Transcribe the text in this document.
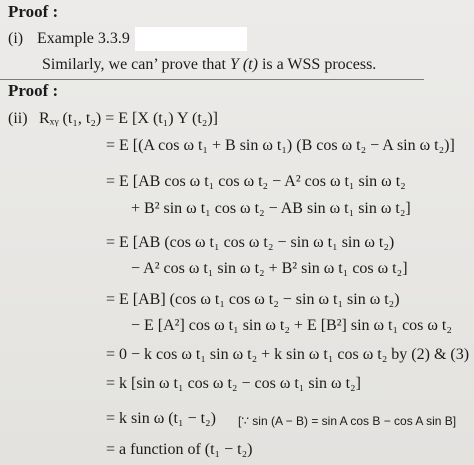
Proof :
(i) Example 3.3.9
Similarly, we can’ prove that Y (t) is a WSS process.
Proof :
(ii) Rₓᵧ (t₁, t₂) = E [X (t₁) Y (t₂)]
= E [(A cos ω t₁ + B sin ω t₁) (B cos ω t₂ − A sin ω t₂)]
= E [AB cos ω t₁ cos ω t₂ − A² cos ω t₁ sin ω t₂
+ B² sin ω t₁ cos ω t₂ − AB sin ω t₁ sin ω t₂]
= E [AB (cos ω t₁ cos ω t₂ − sin ω t₁ sin ω t₂)
− A² cos ω t₁ sin ω t₂ + B² sin ω t₁ cos ω t₂]
= E [AB] (cos ω t₁ cos ω t₂ − sin ω t₁ sin ω t₂)
− E [A²] cos ω t₁ sin ω t₂ + E [B²] sin ω t₁ cos ω t₂
= 0 − k cos ω t₁ sin ω t₂ + k sin ω t₁ cos ω t₂ by (2) & (3)
= k [sin ω t₁ cos ω t₂ − cos ω t₁ sin ω t₂]
= k sin ω (t₁ − t₂)	[∵ sin (A − B) = sin A cos B − cos A sin B]
= a function of (t₁ − t₂)
